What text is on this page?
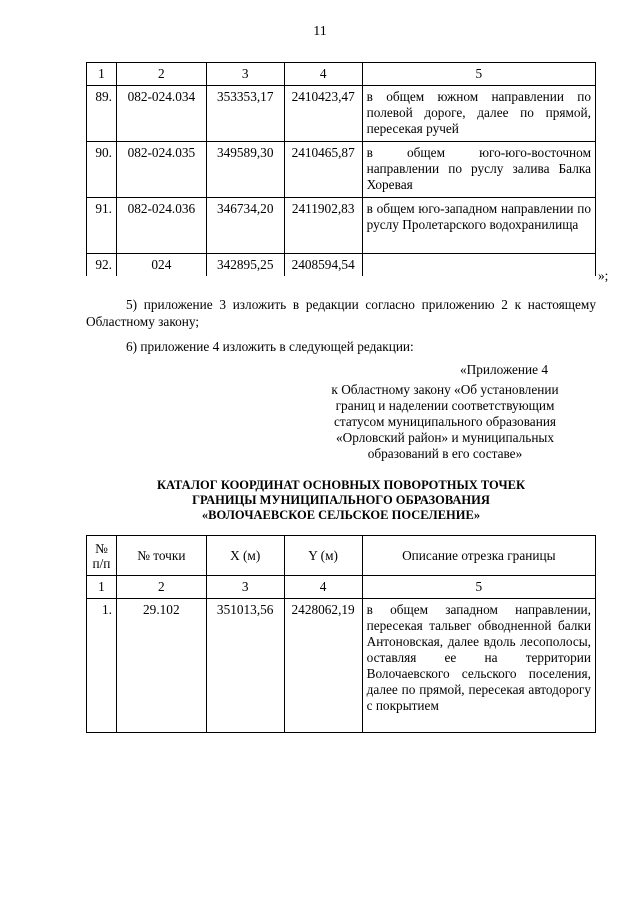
11
1	2	3	4	5
89.	082-024.034	353353,17	2410423,47	в общем южном направлении по полевой дороге, далее по прямой, пересекая ручей
90.	082-024.035	349589,30	2410465,87	в общем юго-юго-восточном направлении по руслу залива Балка Хоревая
91.	082-024.036	346734,20	2411902,83	в общем юго-западном направлении по руслу Пролетарского водохранилища
92.	024	342895,25	2408594,54	
»;
5) приложение 3 изложить в редакции согласно приложению 2 к настоящему Областному закону;
6) приложение 4 изложить в следующей редакции:
«Приложение 4
к Областному закону «Об установлении границ и наделении соответствующим статусом муниципального образования «Орловский район» и муниципальных образований в его составе»
КАТАЛОГ КООРДИНАТ ОСНОВНЫХ ПОВОРОТНЫХ ТОЧЕК
ГРАНИЦЫ МУНИЦИПАЛЬНОГО ОБРАЗОВАНИЯ
«ВОЛОЧАЕВСКОЕ СЕЛЬСКОЕ ПОСЕЛЕНИЕ»
№ п/п	№ точки	X (м)	Y (м)	Описание отрезка границы
1	2	3	4	5
1.	29.102	351013,56	2428062,19	в общем западном направлении, пересекая тальвег обводненной балки Антоновская, далее вдоль лесополосы, оставляя ее на территории Волочаевского сельского поселения, далее по прямой, пересекая автодорогу с покрытием
